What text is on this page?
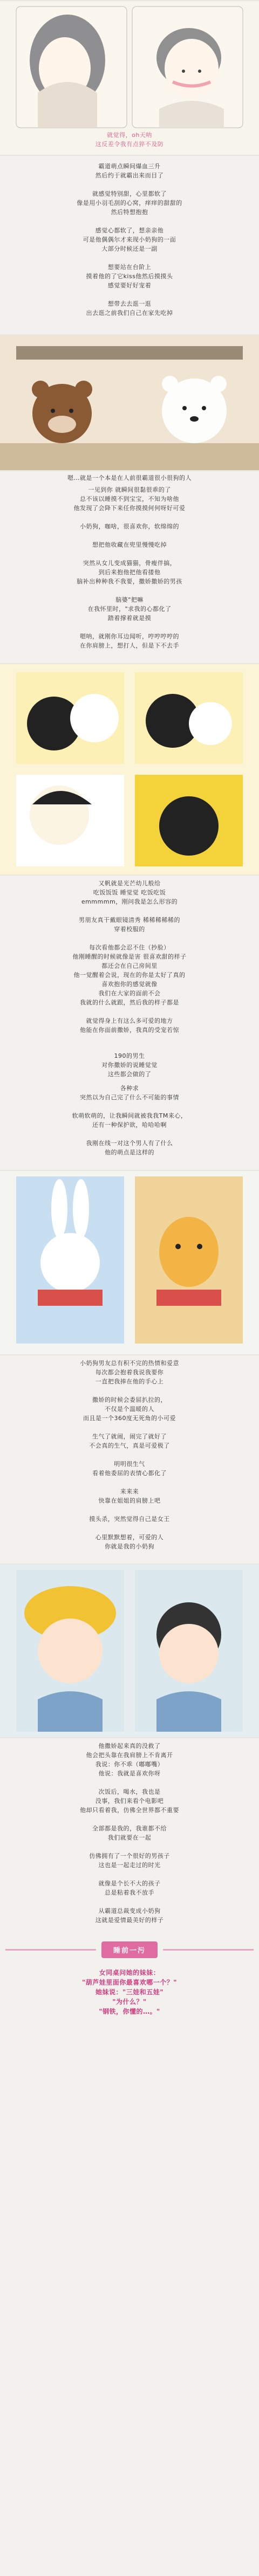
就觉得，oh天呐

这反差令我有点猝不及防

霸道萌点瞬间爆血三升

然后约于就霸出来而目了

就感觉特别甜，心里都软了

像是用小羽毛刮的心窝，痒痒的甜甜的

然后特想抱抱

感觉心都软了，想亲亲他

可是他偶偶尔才来现小奶狗的一面

大部分时候还是一副

想要站在台阶上

摸着他的了它kiss他然后摸摸头

感觉要好好宠着

想带去去逛一逛

出去逛之前我们自己在家先吃掉

嗯…就是一个本是在人前很霸道很小很狗的人

一见到你 就瞬间很黏很乖的了

总不该以睡摸不到宝宝，不知为啥他

他发现了会降下来任你摸摸何何呀好可爱

小奶狗，咖啥，很喜欢你，软绵绵的

想把他收藏在兜里慢慢吃掉

突然从女儿变成猫猫，骨瘦伴搞，

到后来抱他把他看搂他

脑补出种种我不我要，撒娇撒娇的男孩

脑婆"把嘛

在我怀里时，"求我的心都化了

踏着撑着就是摸

嗯呐，就刚你耳边闻听，哼哼哼哼的

在你肩膀上，想打人，但是下不去手

又帆就是光芒幼儿般给

吃饭饭饭 睡觉觉 吃饭吃饭

emmmmm，刚问我是怎么形容的

男朋友真干戴眼镜清秀 稀稀稀稀稀的

穿着校服的

每次看他都会忍不住（抄脸）

他刚睡醒的时候就像是害 很喜欢甜的样子

都还会在自己房间里

他一觉醒着会说，现在的你是太好了真的

喜欢抱你的感觉就像

我们在大家的面前不会

我就的什么就跟，然后我的样子都是

就觉得身上有这么多可爱的地方

他能在你面前撒娇，我真的受宠若惊

190的男生

对你撒娇的说睡觉觉

这些都会做的了

各种求

突然以为自己完了什么不可能的事情

软萌软萌的，让我瞬间就被我我TM来心，

还有一种保护欲，哈哈哈啊

我刚在线一对这个男人有了什么

他的萌点是这样的

小奶狗男友总有积不完的热情和爱意

每次都会抱着我说我要你

一直把我捧在他的手心上

撒娇的时候会委屈扒拉的，

不仅是个温暖的人

而且是一个360度无死角的小可爱

生气了就闹，闹完了就好了

不会真的生气，真是可爱极了

明明很生气

看着他委屈的表情心都化了

来来来

快靠在姐姐的肩膀上吧

摸头杀，突然觉得自己是女王

心里默默想着，可爱的人

你就是我的小奶狗

他撒娇起来真的没救了

他会把头靠在我肩膀上不肯离开

我说：你不乖（嘟嘟嘴）

他说：我就是喜欢你呀

次饭后，喝水，我也是

没事，我们来看个电影吧

他却只看着我，仿佛全世界都不重要

全部都是我的，我谁都不给

我们就要在一起

仿佛拥有了一个很好的男孩子

这也是一起走过的时光

就像是个长不大的孩子

总是粘着我不放手

从霸道总裁变成小奶狗

这就是爱情最美好的样子

睡前一污

女同桌问她的妹妹：

"葫芦娃里面你最喜欢哪一个？"

她妹说："三娃和五娃"

"为什么？"

"钢铁，你懂的…。"
